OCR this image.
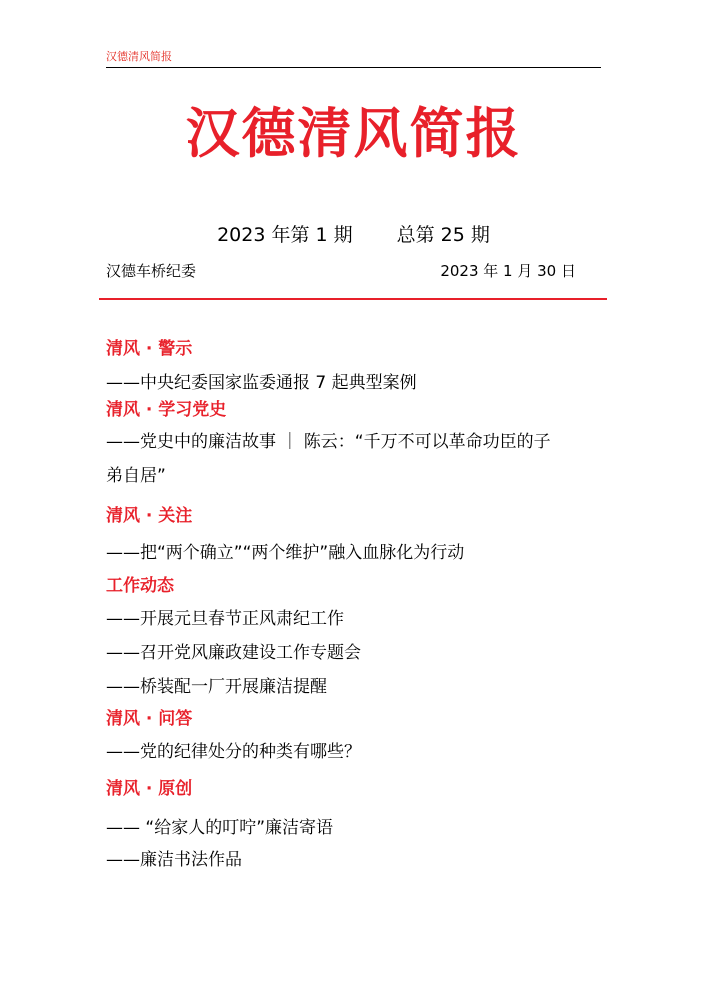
汉德清风简报
汉德清风简报
2023 年第 1 期 总第 25 期
汉德车桥纪委	2023 年 1 月 30 日
清风 · 警示
——中央纪委国家监委通报 7 起典型案例
清风 · 学习党史
——党史中的廉洁故事 ｜ 陈云：“千万不可以革命功臣的子
弟自居”
清风 · 关注
——把“两个确立”“两个维护”融入血脉化为行动
工作动态
——开展元旦春节正风肃纪工作
——召开党风廉政建设工作专题会
——桥装配一厂开展廉洁提醒
清风 · 问答
——党的纪律处分的种类有哪些？
清风 · 原创
—— “给家人的叮咛”廉洁寄语
——廉洁书法作品
